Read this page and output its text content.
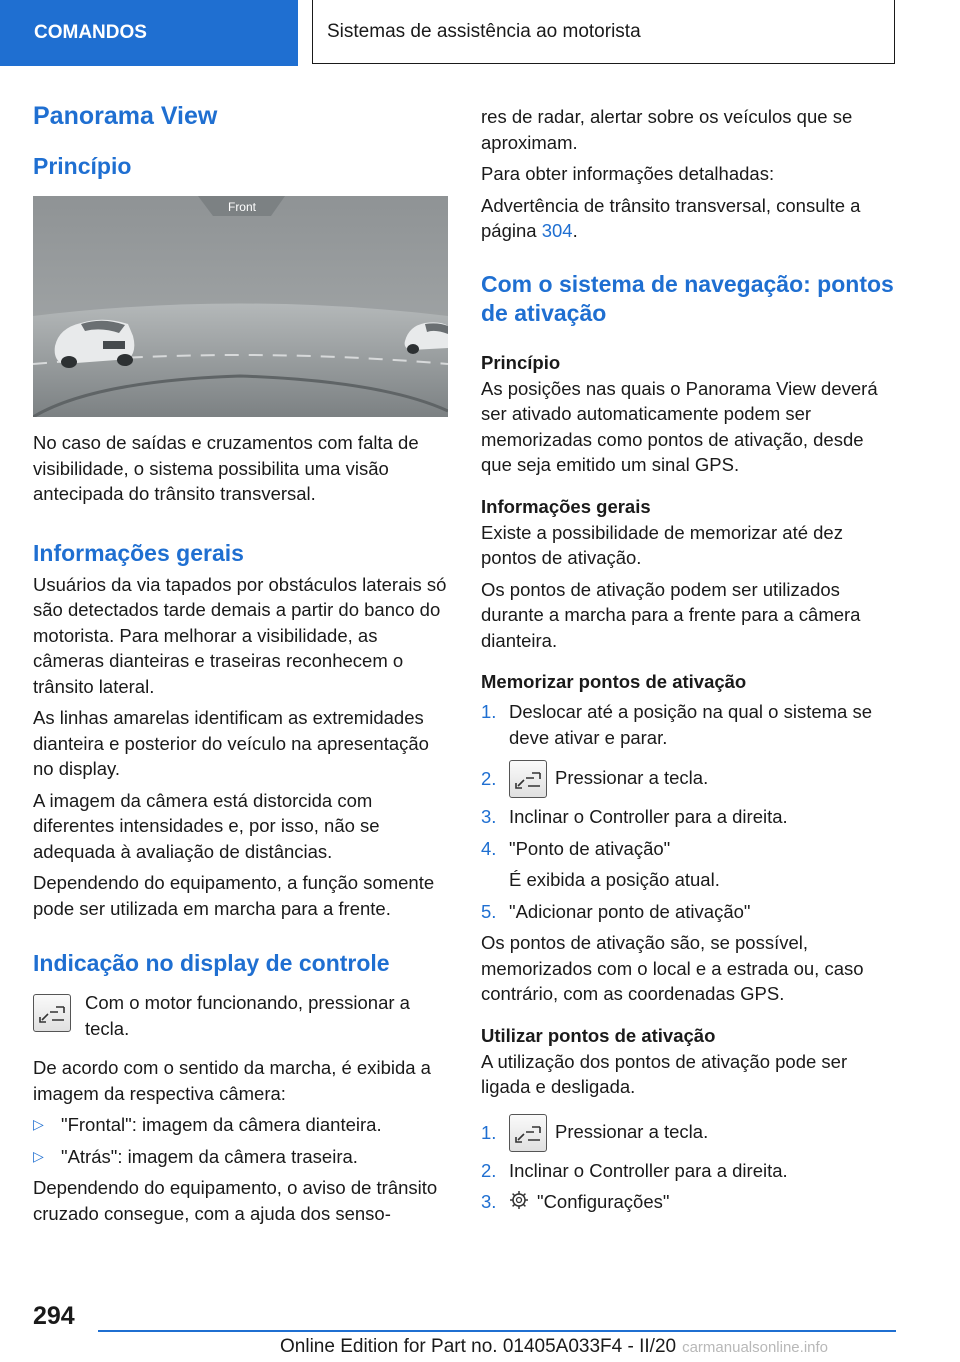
COMANDOS	Sistemas de assistência ao motorista
Panorama View
Princípio
Front

No caso de saídas e cruzamentos com falta de visibilidade, o sistema possibilita uma visão antecipada do trânsito transversal.

Informações gerais

Usuários da via tapados por obstáculos laterais só são detectados tarde demais a partir do banco do motorista. Para melhorar a visibilidade, as câmeras dianteiras e traseiras reconhecem o trânsito lateral.

As linhas amarelas identificam as extremidades dianteira e posterior do veículo na apresentação no display.

A imagem da câmera está distorcida com diferentes intensidades e, por isso, não se adequada à avaliação de distâncias.

Dependendo do equipamento, a função somente pode ser utilizada em marcha para a frente.

Indicação no display de controle

Com o motor funcionando, pressionar a tecla.

De acordo com o sentido da marcha, é exibida a imagem da respectiva câmera:

▷ "Frontal": imagem da câmera dianteira.
▷ "Atrás": imagem da câmera traseira.

Dependendo do equipamento, o aviso de trânsito cruzado consegue, com a ajuda dos senso-

res de radar, alertar sobre os veículos que se aproximam.

Para obter informações detalhadas:

Advertência de trânsito transversal, consulte a página 304.

Com o sistema de navegação: pontos de ativação
Princípio

As posições nas quais o Panorama View deverá ser ativado automaticamente podem ser memorizadas como pontos de ativação, desde que seja emitido um sinal GPS.

Informações gerais

Existe a possibilidade de memorizar até dez pontos de ativação.

Os pontos de ativação podem ser utilizados durante a marcha para a frente para a câmera dianteira.

Memorizar pontos de ativação
1. Deslocar até a posição na qual o sistema se deve ativar e parar.
2.	Pressionar a tecla.
3. Inclinar o Controller para a direita.
4. "Ponto de ativação"
É exibida a posição atual.
5. "Adicionar ponto de ativação"

Os pontos de ativação são, se possível, memorizados com o local e a estrada ou, caso contrário, com as coordenadas GPS.

Utilizar pontos de ativação

A utilização dos pontos de ativação pode ser ligada e desligada.

1.	Pressionar a tecla.
2. Inclinar o Controller para a direita.
3.	"Configurações"
294
Online Edition for Part no. 01405A033F4 - II/20 carmanualsonline.info
